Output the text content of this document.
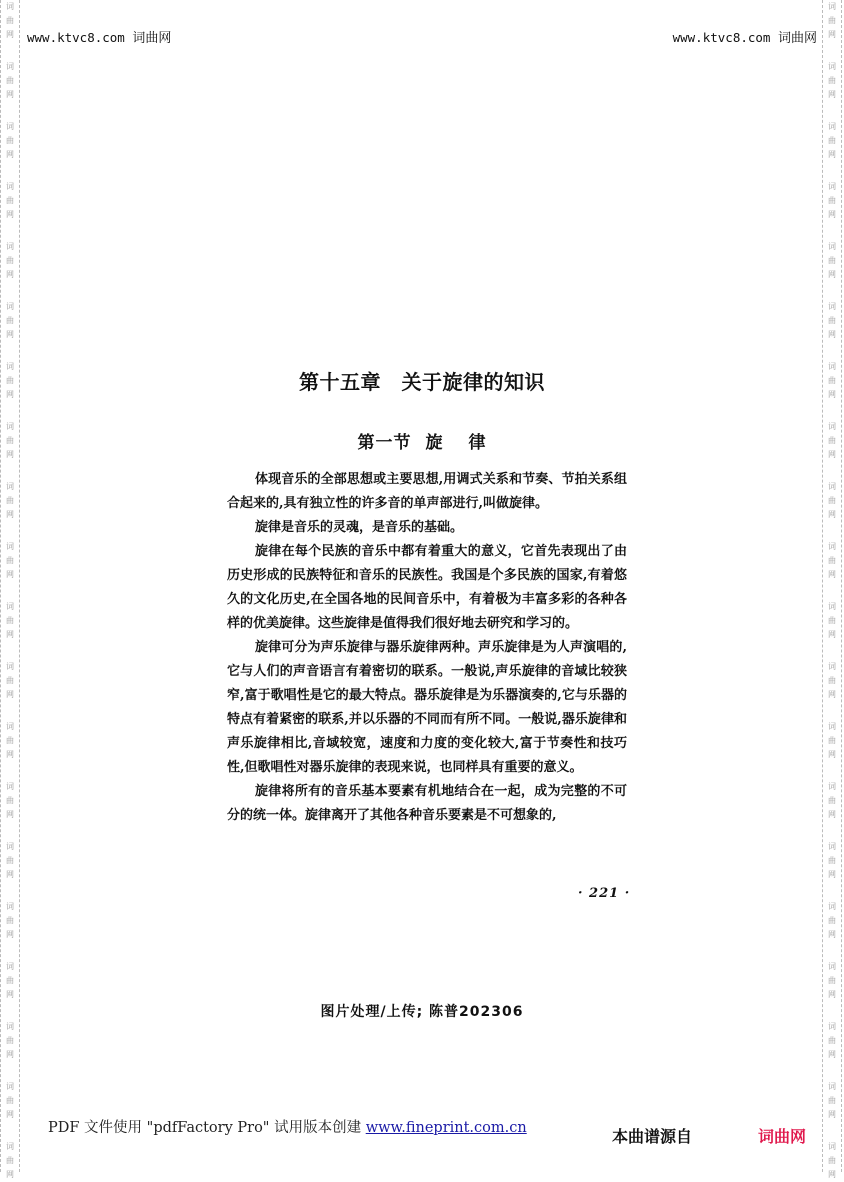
词
曲
网
词
曲
网
词
曲
网
词
曲
网
词
曲
网
词
曲
网
词
曲
网
词
曲
网
词
曲
网
词
曲
网
词
曲
网
词
曲
网
词
曲
网
词
曲
网
词
曲
网
词
曲
网
词
曲
网
词
曲
网
词
曲
网
词
曲
网
词
曲
网
词
曲
网
词
曲
网
词
曲
网
词
曲
网
词
曲
网
词
曲
网
词
曲
网
词
曲
网
词
曲
网
词
曲
网
词
曲
网
词
曲
网
词
曲
网
词
曲
网
词
曲
网
词
曲
网
词
曲
网
词
曲
网
词
曲
网
www.ktvc8.com 词曲网	www.ktvc8.com 词曲网
第十五章　关于旋律的知识
第一节 旋律

体现音乐的全部思想或主要思想,用调式关系和节奏、节拍关系组合起来的,具有独立性的许多音的单声部进行,叫做旋律。

旋律是音乐的灵魂，是音乐的基础。

旋律在每个民族的音乐中都有着重大的意义，它首先表现出了由历史形成的民族特征和音乐的民族性。我国是个多民族的国家,有着悠久的文化历史,在全国各地的民间音乐中，有着极为丰富多彩的各种各样的优美旋律。这些旋律是值得我们很好地去研究和学习的。

旋律可分为声乐旋律与器乐旋律两种。声乐旋律是为人声演唱的,它与人们的声音语言有着密切的联系。一般说,声乐旋律的音域比较狭窄,富于歌唱性是它的最大特点。器乐旋律是为乐器演奏的,它与乐器的特点有着紧密的联系,并以乐器的不同而有所不同。一般说,器乐旋律和声乐旋律相比,音域较宽，速度和力度的变化较大,富于节奏性和技巧性,但歌唱性对器乐旋律的表现来说，也同样具有重要的意义。

旋律将所有的音乐基本要素有机地结合在一起，成为完整的不可分的统一体。旋律离开了其他各种音乐要素是不可想象的,

· 221 ·
图片处理/上传; 陈普202306
PDF 文件使用 "pdfFactory Pro" 试用版本创建 www.fineprint.com.cn	本曲谱源自	词曲网
